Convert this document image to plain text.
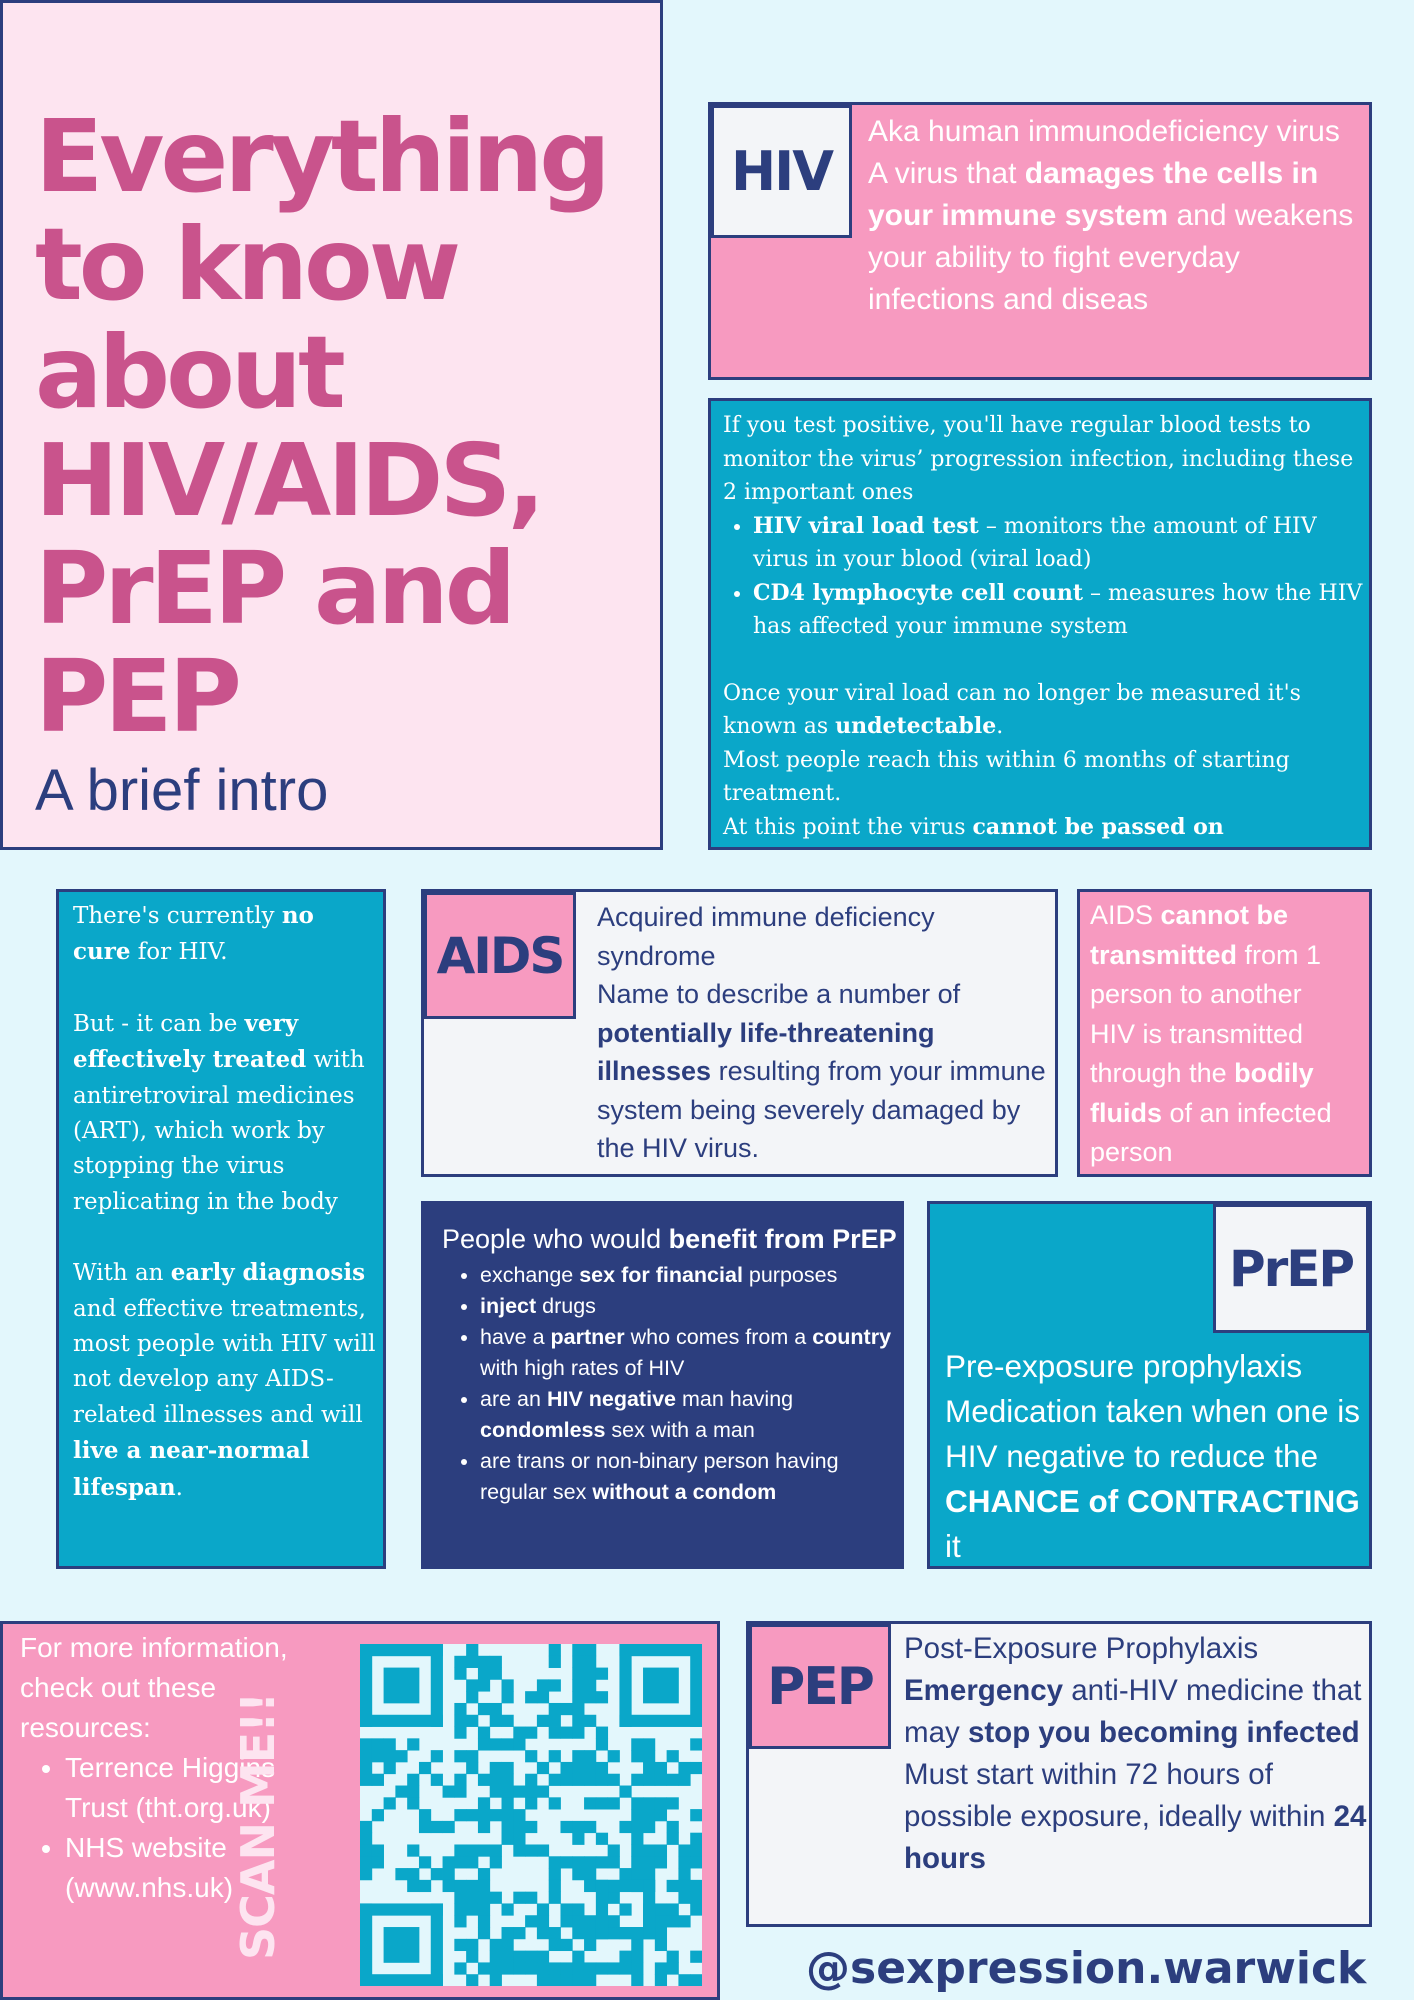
Everything
to know
about
HIV/AIDS,
PrEP and
PEP
A brief intro

Aka human immunodeficiency virus

A virus that damages the cells in your immune system and weakens your ability to fight everyday infections and diseas

HIV

If you test positive, you'll have regular blood tests to monitor the virus’ progression infection, including these 2 important ones

• HIV viral load test – monitors the amount of HIV virus in your blood (viral load)
• CD4 lymphocyte cell count – measures how the HIV has affected your immune system

Once your viral load can no longer be measured it's known as undetectable.

Most people reach this within 6 months of starting treatment.

At this point the virus cannot be passed on

There's currently no cure for HIV.

But - it can be very effectively treated with antiretroviral medicines (ART), which work by stopping the virus replicating in the body

With an early diagnosis and effective treatments, most people with HIV will not develop any AIDS-related illnesses and will live a near-normal lifespan.

Acquired immune deficiency syndrome

Name to describe a number of potentially life-threatening illnesses resulting from your immune system being severely damaged by the HIV virus.

AIDS

AIDS cannot be transmitted from 1 person to another

HIV is transmitted through the bodily fluids of an infected person

People who would benefit from PrEP

• exchange sex for financial purposes
• inject drugs
• have a partner who comes from a country with high rates of HIV
• are an HIV negative man having condomless sex with a man
• are trans or non-binary person having regular sex without a condom

Pre-exposure prophylaxis

Medication taken when one is HIV negative to reduce the CHANCE of CONTRACTING it

PrEP

For more information, check out these resources:

• Terrence Higgins Trust (tht.org.uk)
• NHS website (www.nhs.uk)
SCAN ME!!

Post-Exposure Prophylaxis

Emergency anti-HIV medicine that may stop you becoming infected

Must start within 72 hours of possible exposure, ideally within 24 hours

PEP
@sexpression.warwick
